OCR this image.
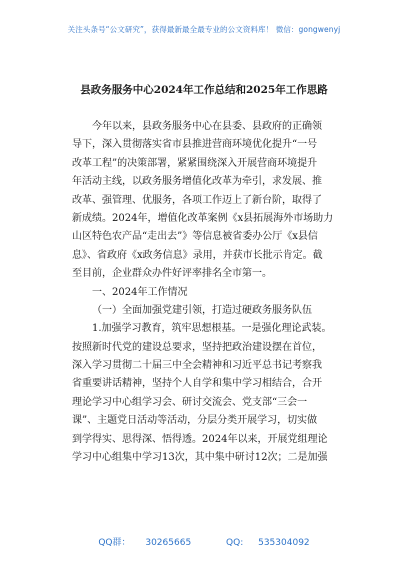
关注头条号“公文研究”，获得最新最全最专业的公文资料库！ 微信：gongwenyj
县政务服务中心2024年工作总结和2025年工作思路
今年以来，县政务服务中心在县委、县政府的正确领
导下，深入贯彻落实省市县推进营商环境优化提升“一号
改革工程”的决策部署，紧紧围绕深入开展营商环境提升
年活动主线，以政务服务增值化改革为牵引，求发展、推
改革、强管理、优服务，各项工作迈上了新台阶，取得了
新成绩。2024年，增值化改革案例《x县拓展海外市场助力
山区特色农产品“走出去”》等信息被省委办公厅《x县信
息》、省政府《x政务信息》录用，并获市长批示肯定。截
至目前，企业群众办件好评率排名全市第一。
一、2024年工作情况
（一）全面加强党建引领，打造过硬政务服务队伍
1.加强学习教育，筑牢思想根基。一是强化理论武装。
按照新时代党的建设总要求，坚持把政治建设摆在首位，
深入学习贯彻二十届三中全会精神和习近平总书记考察我
省重要讲话精神，坚持个人自学和集中学习相结合，合开
理论学习中心组学习会、研讨交流会、党支部“三会一
课”、主题党日活动等活动，分层分类开展学习，切实做
到学得实、思得深、悟得透。2024年以来，开展党组理论
学习中心组集中学习13次，其中集中研讨12次；二是加强
QQ群： 30265665	QQ: 535304092
